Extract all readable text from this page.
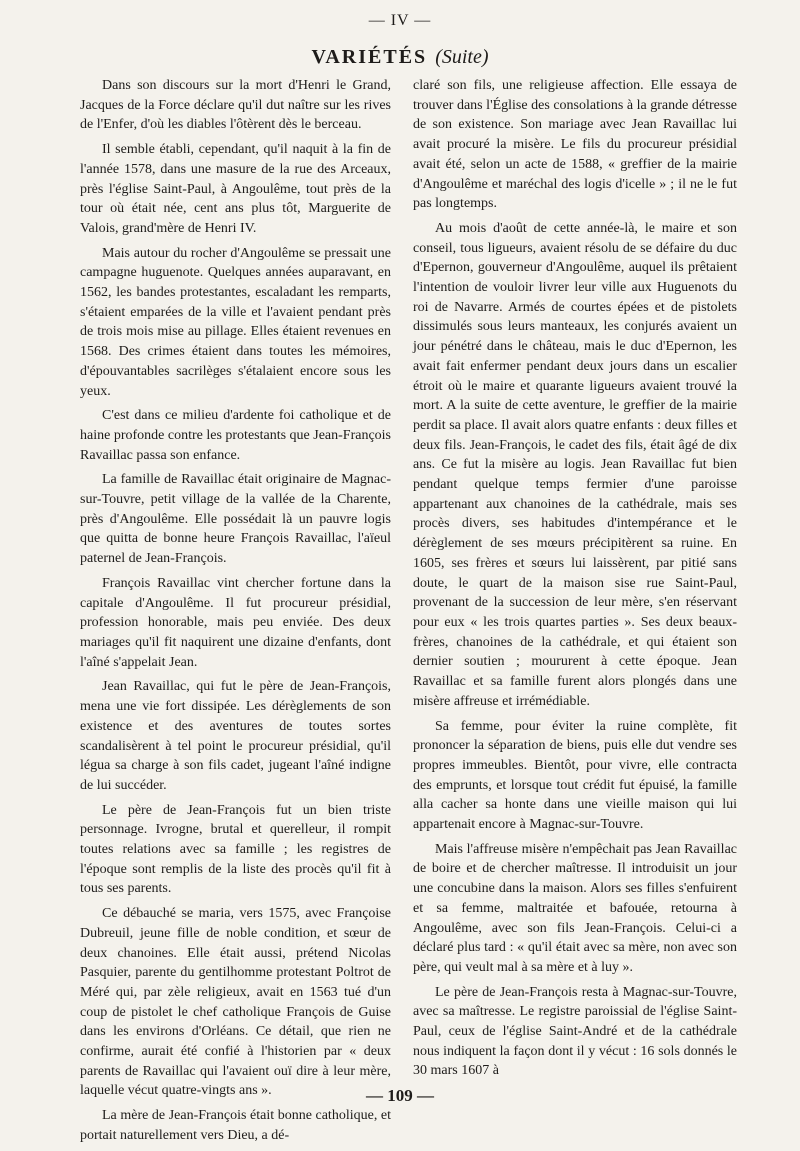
— IV —
VARIÉTÉS (Suite)

Dans son discours sur la mort d'Henri le Grand, Jacques de la Force déclare qu'il dut naître sur les rives de l'Enfer, d'où les diables l'ôtèrent dès le berceau.

Il semble établi, cependant, qu'il naquit à la fin de l'année 1578, dans une masure de la rue des Arceaux, près l'église Saint-Paul, à Angoulême, tout près de la tour où était née, cent ans plus tôt, Marguerite de Valois, grand'mère de Henri IV.

Mais autour du rocher d'Angoulême se pressait une campagne huguenote. Quelques années auparavant, en 1562, les bandes protestantes, escaladant les remparts, s'étaient emparées de la ville et l'avaient pendant près de trois mois mise au pillage. Elles étaient revenues en 1568. Des crimes étaient dans toutes les mémoires, d'épouvantables sacrilèges s'étalaient encore sous les yeux.

C'est dans ce milieu d'ardente foi catholique et de haine profonde contre les protestants que Jean-François Ravaillac passa son enfance.

La famille de Ravaillac était originaire de Magnac-sur-Touvre, petit village de la vallée de la Charente, près d'Angoulême. Elle possédait là un pauvre logis que quitta de bonne heure François Ravaillac, l'aïeul paternel de Jean-François.

François Ravaillac vint chercher fortune dans la capitale d'Angoulême. Il fut procureur présidial, profession honorable, mais peu enviée. Des deux mariages qu'il fit naquirent une dizaine d'enfants, dont l'aîné s'appelait Jean.

Jean Ravaillac, qui fut le père de Jean-François, mena une vie fort dissipée. Les dérèglements de son existence et des aventures de toutes sortes scandalisèrent à tel point le procureur présidial, qu'il légua sa charge à son fils cadet, jugeant l'aîné indigne de lui succéder.

Le père de Jean-François fut un bien triste personnage. Ivrogne, brutal et querelleur, il rompit toutes relations avec sa famille ; les registres de l'époque sont remplis de la liste des procès qu'il fit à tous ses parents.

Ce débauché se maria, vers 1575, avec Françoise Dubreuil, jeune fille de noble condition, et sœur de deux chanoines. Elle était aussi, prétend Nicolas Pasquier, parente du gentilhomme protestant Poltrot de Méré qui, par zèle religieux, avait en 1563 tué d'un coup de pistolet le chef catholique François de Guise dans les environs d'Orléans. Ce détail, que rien ne confirme, aurait été confié à l'historien par « deux parents de Ravaillac qui l'avaient ouï dire à leur mère, laquelle vécut quatre-vingts ans ».

La mère de Jean-François était bonne catholique, et portait naturellement vers Dieu, a dé-

claré son fils, une religieuse affection. Elle essaya de trouver dans l'Église des consolations à la grande détresse de son existence. Son mariage avec Jean Ravaillac lui avait procuré la misère. Le fils du procureur présidial avait été, selon un acte de 1588, « greffier de la mairie d'Angoulême et maréchal des logis d'icelle » ; il ne le fut pas longtemps.

Au mois d'août de cette année-là, le maire et son conseil, tous ligueurs, avaient résolu de se défaire du duc d'Epernon, gouverneur d'Angoulême, auquel ils prêtaient l'intention de vouloir livrer leur ville aux Huguenots du roi de Navarre. Armés de courtes épées et de pistolets dissimulés sous leurs manteaux, les conjurés avaient un jour pénétré dans le château, mais le duc d'Epernon, les avait fait enfermer pendant deux jours dans un escalier étroit où le maire et quarante ligueurs avaient trouvé la mort. A la suite de cette aventure, le greffier de la mairie perdit sa place. Il avait alors quatre enfants : deux filles et deux fils. Jean-François, le cadet des fils, était âgé de dix ans. Ce fut la misère au logis. Jean Ravaillac fut bien pendant quelque temps fermier d'une paroisse appartenant aux chanoines de la cathédrale, mais ses procès divers, ses habitudes d'intempérance et le dérèglement de ses mœurs précipitèrent sa ruine. En 1605, ses frères et sœurs lui laissèrent, par pitié sans doute, le quart de la maison sise rue Saint-Paul, provenant de la succession de leur mère, s'en réservant pour eux « les trois quartes parties ». Ses deux beaux-frères, chanoines de la cathédrale, et qui étaient son dernier soutien ; moururent à cette époque. Jean Ravaillac et sa famille furent alors plongés dans une misère affreuse et irrémédiable.

Sa femme, pour éviter la ruine complète, fit prononcer la séparation de biens, puis elle dut vendre ses propres immeubles. Bientôt, pour vivre, elle contracta des emprunts, et lorsque tout crédit fut épuisé, la famille alla cacher sa honte dans une vieille maison qui lui appartenait encore à Magnac-sur-Touvre.

Mais l'affreuse misère n'empêchait pas Jean Ravaillac de boire et de chercher maîtresse. Il introduisit un jour une concubine dans la maison. Alors ses filles s'enfuirent et sa femme, maltraitée et bafouée, retourna à Angoulême, avec son fils Jean-François. Celui-ci a déclaré plus tard : « qu'il était avec sa mère, non avec son père, qui veult mal à sa mère et à luy ».

Le père de Jean-François resta à Magnac-sur-Touvre, avec sa maîtresse. Le registre paroissial de l'église Saint-Paul, ceux de l'église Saint-André et de la cathédrale nous indiquent la façon dont il y vécut : 16 sols donnés le 30 mars 1607 à

— 109 —
